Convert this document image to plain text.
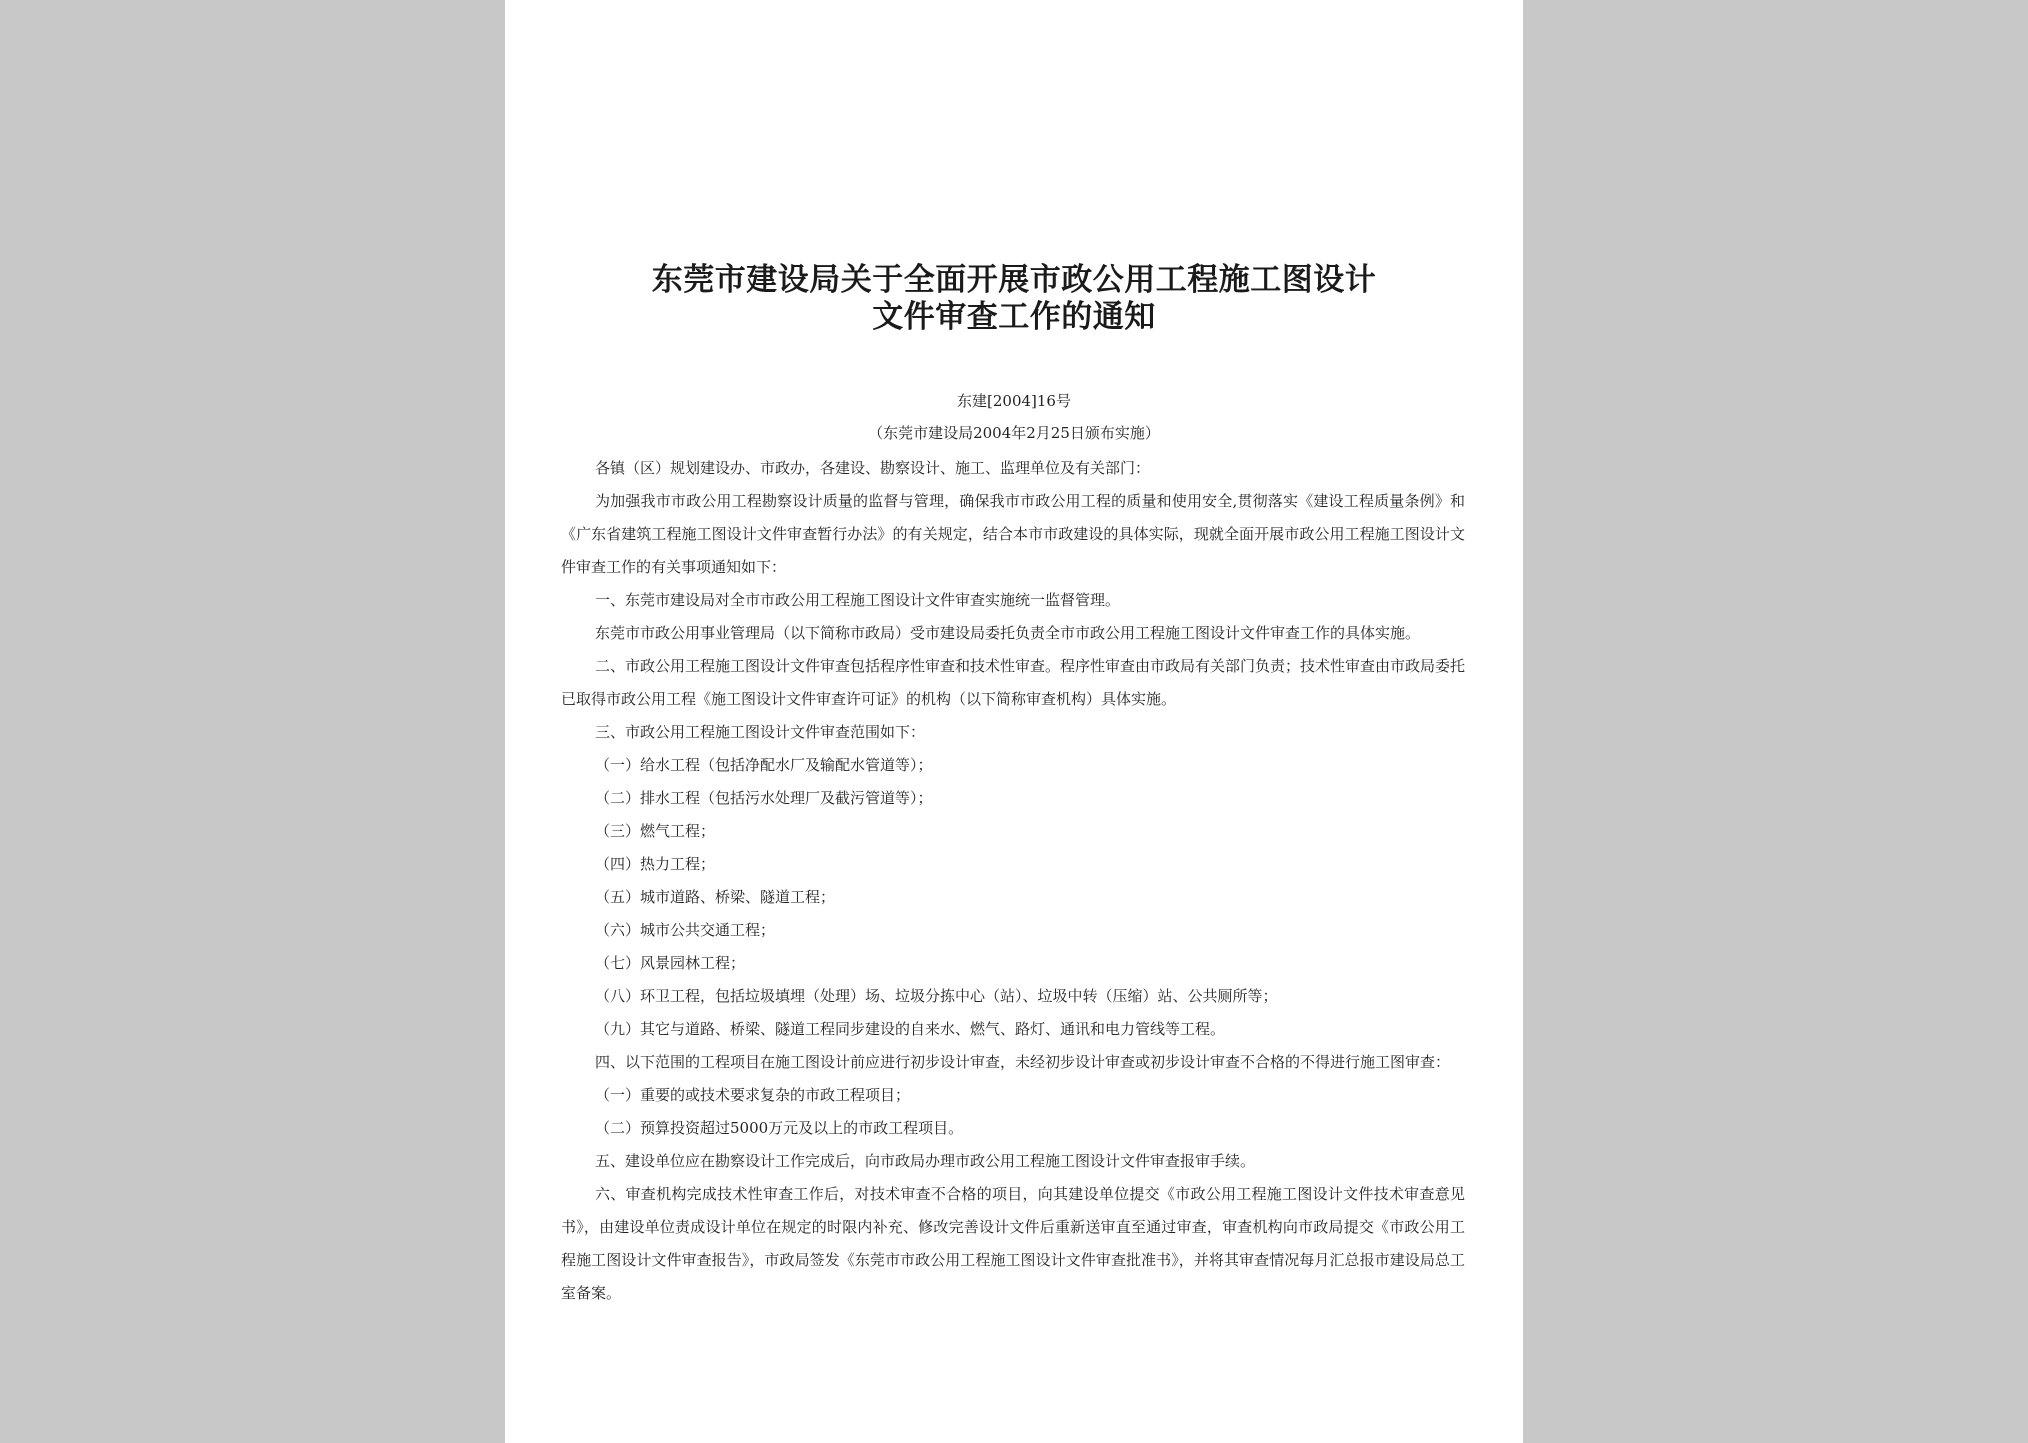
东莞市建设局关于全面开展市政公用工程施工图设计
文件审查工作的通知
东建[2004]16号
（东莞市建设局2004年2月25日颁布实施）

各镇（区）规划建设办、市政办，各建设、勘察设计、施工、监理单位及有关部门：

为加强我市市政公用工程勘察设计质量的监督与管理，确保我市市政公用工程的质量和使用安全,贯彻落实《建设工程质量条例》和《广东省建筑工程施工图设计文件审查暂行办法》的有关规定，结合本市市政建设的具体实际，现就全面开展市政公用工程施工图设计文件审查工作的有关事项通知如下：

一、东莞市建设局对全市市政公用工程施工图设计文件审查实施统一监督管理。

东莞市市政公用事业管理局（以下简称市政局）受市建设局委托负责全市市政公用工程施工图设计文件审查工作的具体实施。

二、市政公用工程施工图设计文件审查包括程序性审查和技术性审查。程序性审查由市政局有关部门负责；技术性审查由市政局委托已取得市政公用工程《施工图设计文件审查许可证》的机构（以下简称审查机构）具体实施。

三、市政公用工程施工图设计文件审查范围如下：

（一）给水工程（包括净配水厂及输配水管道等）；

（二）排水工程（包括污水处理厂及截污管道等）；

（三）燃气工程；

（四）热力工程；

（五）城市道路、桥梁、隧道工程；

（六）城市公共交通工程；

（七）风景园林工程；

（八）环卫工程，包括垃圾填埋（处理）场、垃圾分拣中心（站）、垃圾中转（压缩）站、公共厕所等；

（九）其它与道路、桥梁、隧道工程同步建设的自来水、燃气、路灯、通讯和电力管线等工程。

四、以下范围的工程项目在施工图设计前应进行初步设计审查，未经初步设计审查或初步设计审查不合格的不得进行施工图审查：

（一）重要的或技术要求复杂的市政工程项目；

（二）预算投资超过5000万元及以上的市政工程项目。

五、建设单位应在勘察设计工作完成后，向市政局办理市政公用工程施工图设计文件审查报审手续。

六、审查机构完成技术性审查工作后，对技术审查不合格的项目，向其建设单位提交《市政公用工程施工图设计文件技术审查意见书》，由建设单位责成设计单位在规定的时限内补充、修改完善设计文件后重新送审直至通过审查，审查机构向市政局提交《市政公用工程施工图设计文件审查报告》，市政局签发《东莞市市政公用工程施工图设计文件审查批准书》，并将其审查情况每月汇总报市建设局总工室备案。
